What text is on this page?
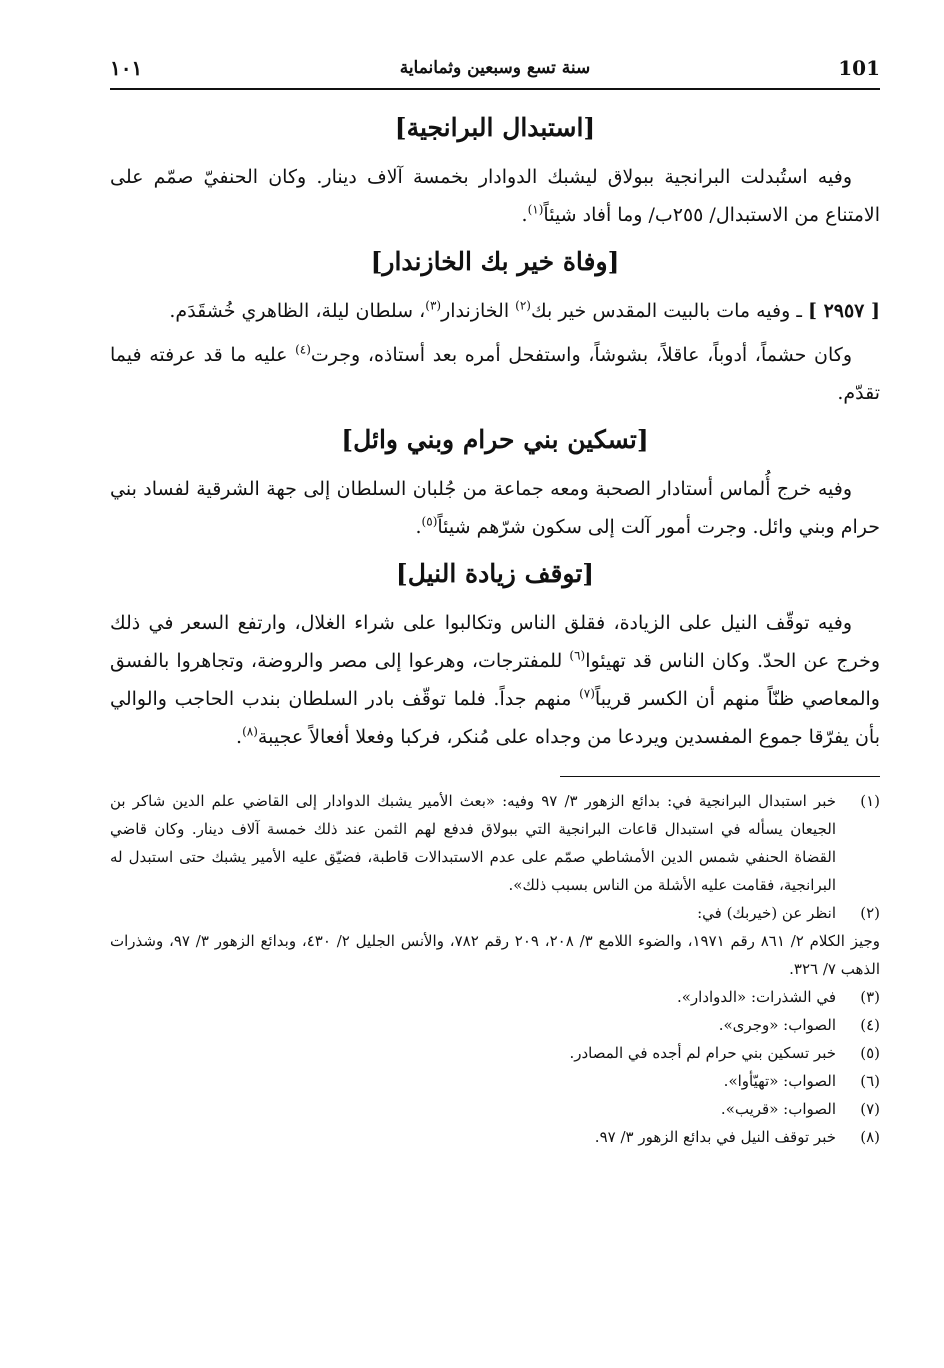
101
سنة تسع وسبعين وثمانماية
١٠١
[استبدال البرانجية]

وفيه استُبدلت البرانجية ببولاق ليشبك الدوادار بخمسة آلاف دينار. وكان الحنفيّ صمّم على الامتناع من الاستبدال/ ٢٥٥ب/ وما أفاد شيئاً$^{(١)}$.

[وفاة خير بك الخازندار]

[ ٢٩٥٧ ] ـ وفيه مات بالبيت المقدس خير بك$^{(٢)}$ الخازندار$^{(٣)}$، سلطان ليلة، الظاهري خُشقَدَم.

وكان حشماً، أدوباً، عاقلاً، بشوشاً، واستفحل أمره بعد أستاذه، وجرت$^{(٤)}$ عليه ما قد عرفته فيما تقدّم.

[تسكين بني حرام وبني وائل]

وفيه خرج أُلماس أستادار الصحبة ومعه جماعة من جُلبان السلطان إلى جهة الشرقية لفساد بني حرام وبني وائل. وجرت أمور آلت إلى سكون شرّهم شيئاً$^{(٥)}$.

[توقف زيادة النيل]

وفيه توقّف النيل على الزيادة، فقلق الناس وتكالبوا على شراء الغلال، وارتفع السعر في ذلك وخرج عن الحدّ. وكان الناس قد تهيئوا$^{(٦)}$ للمفترجات، وهرعوا إلى مصر والروضة، وتجاهروا بالفسق والمعاصي ظنّاً منهم أن الكسر قريباً$^{(٧)}$ منهم جداً. فلما توقّف بادر السلطان بندب الحاجب والوالي بأن يفرّقا جموع المفسدين ويردعا من وجداه على مُنكر، فركبا وفعلا أفعالاً عجيبة$^{(٨)}$.

(١)
خبر استبدال البرانجية في: بدائع الزهور ٣/ ٩٧ وفيه: «بعث الأمير يشبك الدوادار إلى القاضي علم الدين شاكر بن الجيعان يسأله في استبدال قاعات البرانجية التي ببولاق فدفع لهم الثمن عند ذلك خمسة آلاف دينار. وكان قاضي القضاة الحنفي شمس الدين الأمشاطي صمّم على عدم الاستبدالات قاطبة، فضيّق عليه الأمير يشبك حتى استبدل له البرانجية، فقامت عليه الأشلة من الناس بسبب ذلك».
(٢)
انظر عن (خيربك) في:
وجيز الكلام ٢/ ٨٦١ رقم ١٩٧١، والضوء اللامع ٣/ ٢٠٨، ٢٠٩ رقم ٧٨٢، والأنس الجليل ٢/ ٤٣٠، وبدائع الزهور ٣/ ٩٧، وشذرات الذهب ٧/ ٣٢٦.
(٣)
في الشذرات: «الدوادار».
(٤)
الصواب: «وجرى».
(٥)
خبر تسكين بني حرام لم أجده في المصادر.
(٦)
الصواب: «تهيّأوا».
(٧)
الصواب: «قريب».
(٨)
خبر توقف النيل في بدائع الزهور ٣/ ٩٧.
